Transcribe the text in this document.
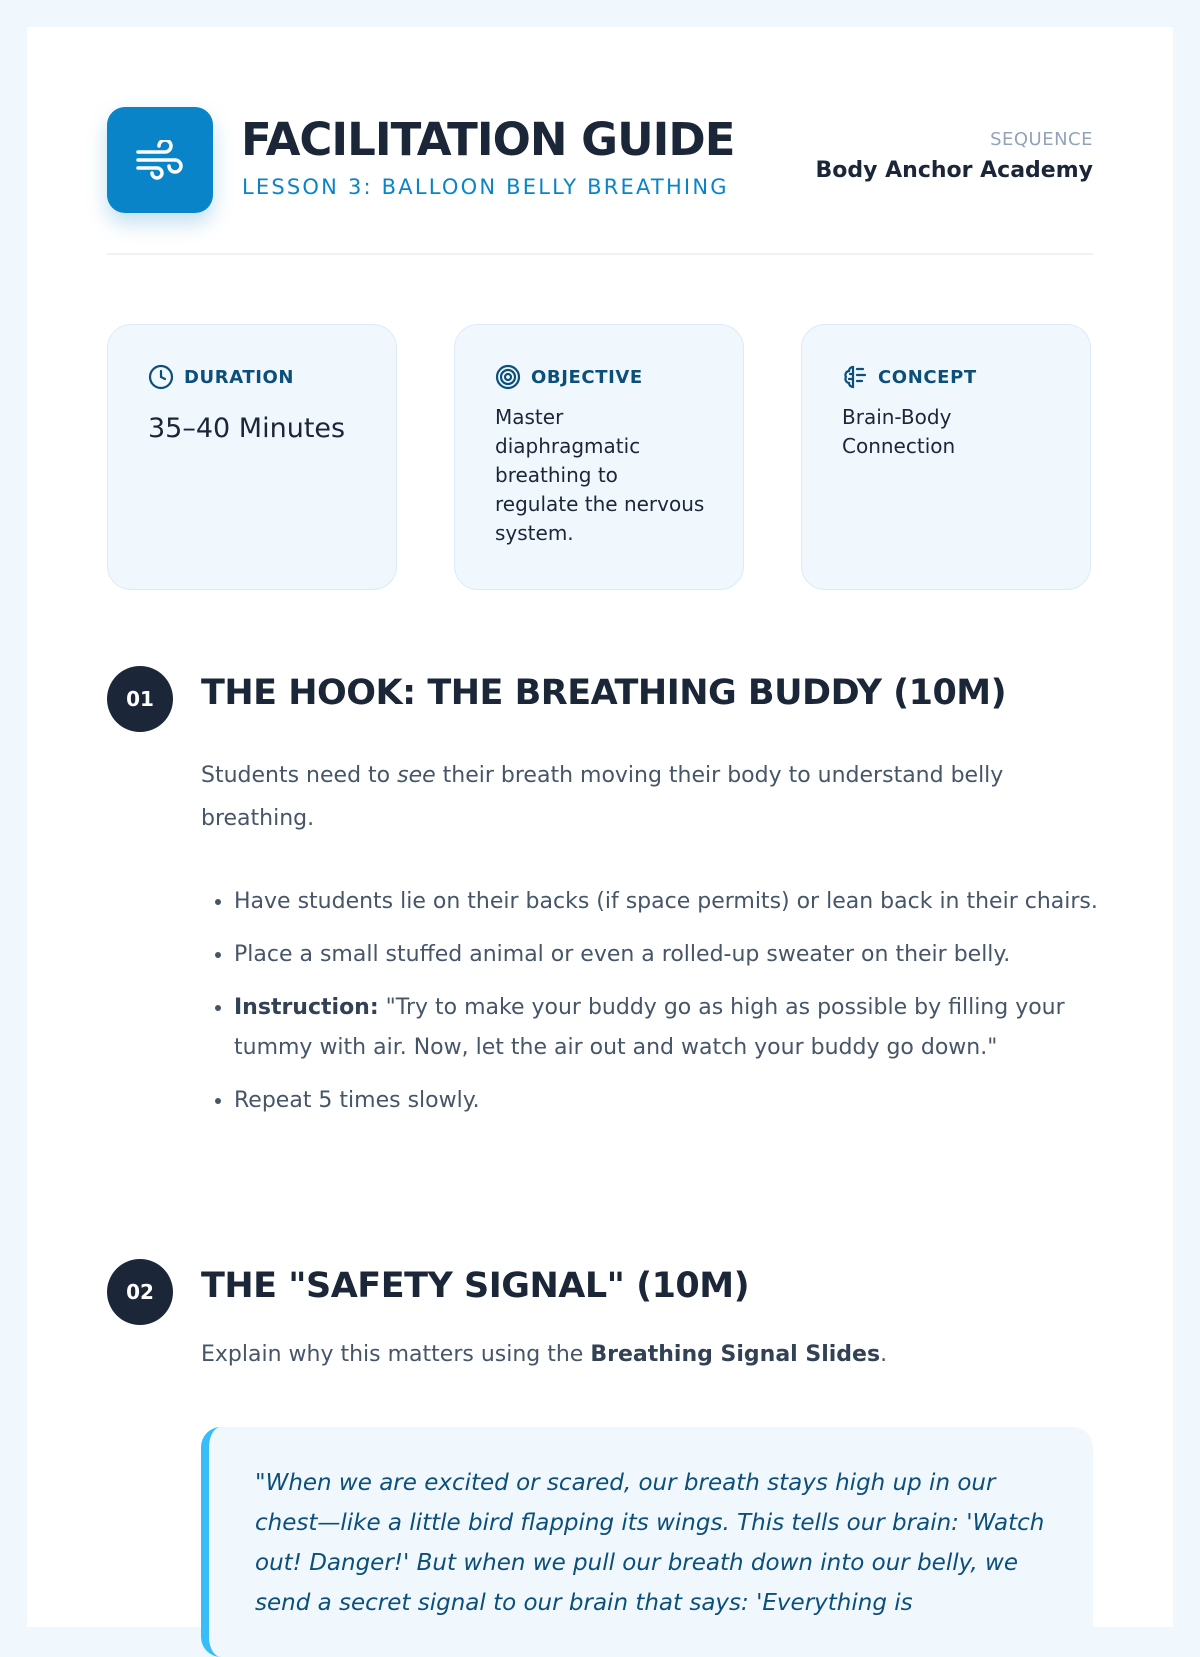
FACILITATION GUIDE
LESSON 3: BALLOON BELLY BREATHING
SEQUENCE
Body Anchor Academy
DURATION
35–40 Minutes
OBJECTIVE
Master diaphragmatic breathing to regulate the nervous system.
CONCEPT
Brain-Body Connection
01	THE HOOK: THE BREATHING BUDDY (10M)

Students need to see their breath moving their body to understand belly breathing.

• Have students lie on their backs (if space permits) or lean back in their chairs.
• Place a small stuffed animal or even a rolled-up sweater on their belly.
• Instruction: "Try to make your buddy go as high as possible by filling your tummy with air. Now, let the air out and watch your buddy go down."
• Repeat 5 times slowly.
02	THE "SAFETY SIGNAL" (10M)

Explain why this matters using the Breathing Signal Slides.

"When we are excited or scared, our breath stays high up in our chest—like a little bird flapping its wings. This tells our brain: 'Watch out! Danger!' But when we pull our breath down into our belly, we send a secret signal to our brain that says: 'Everything is
